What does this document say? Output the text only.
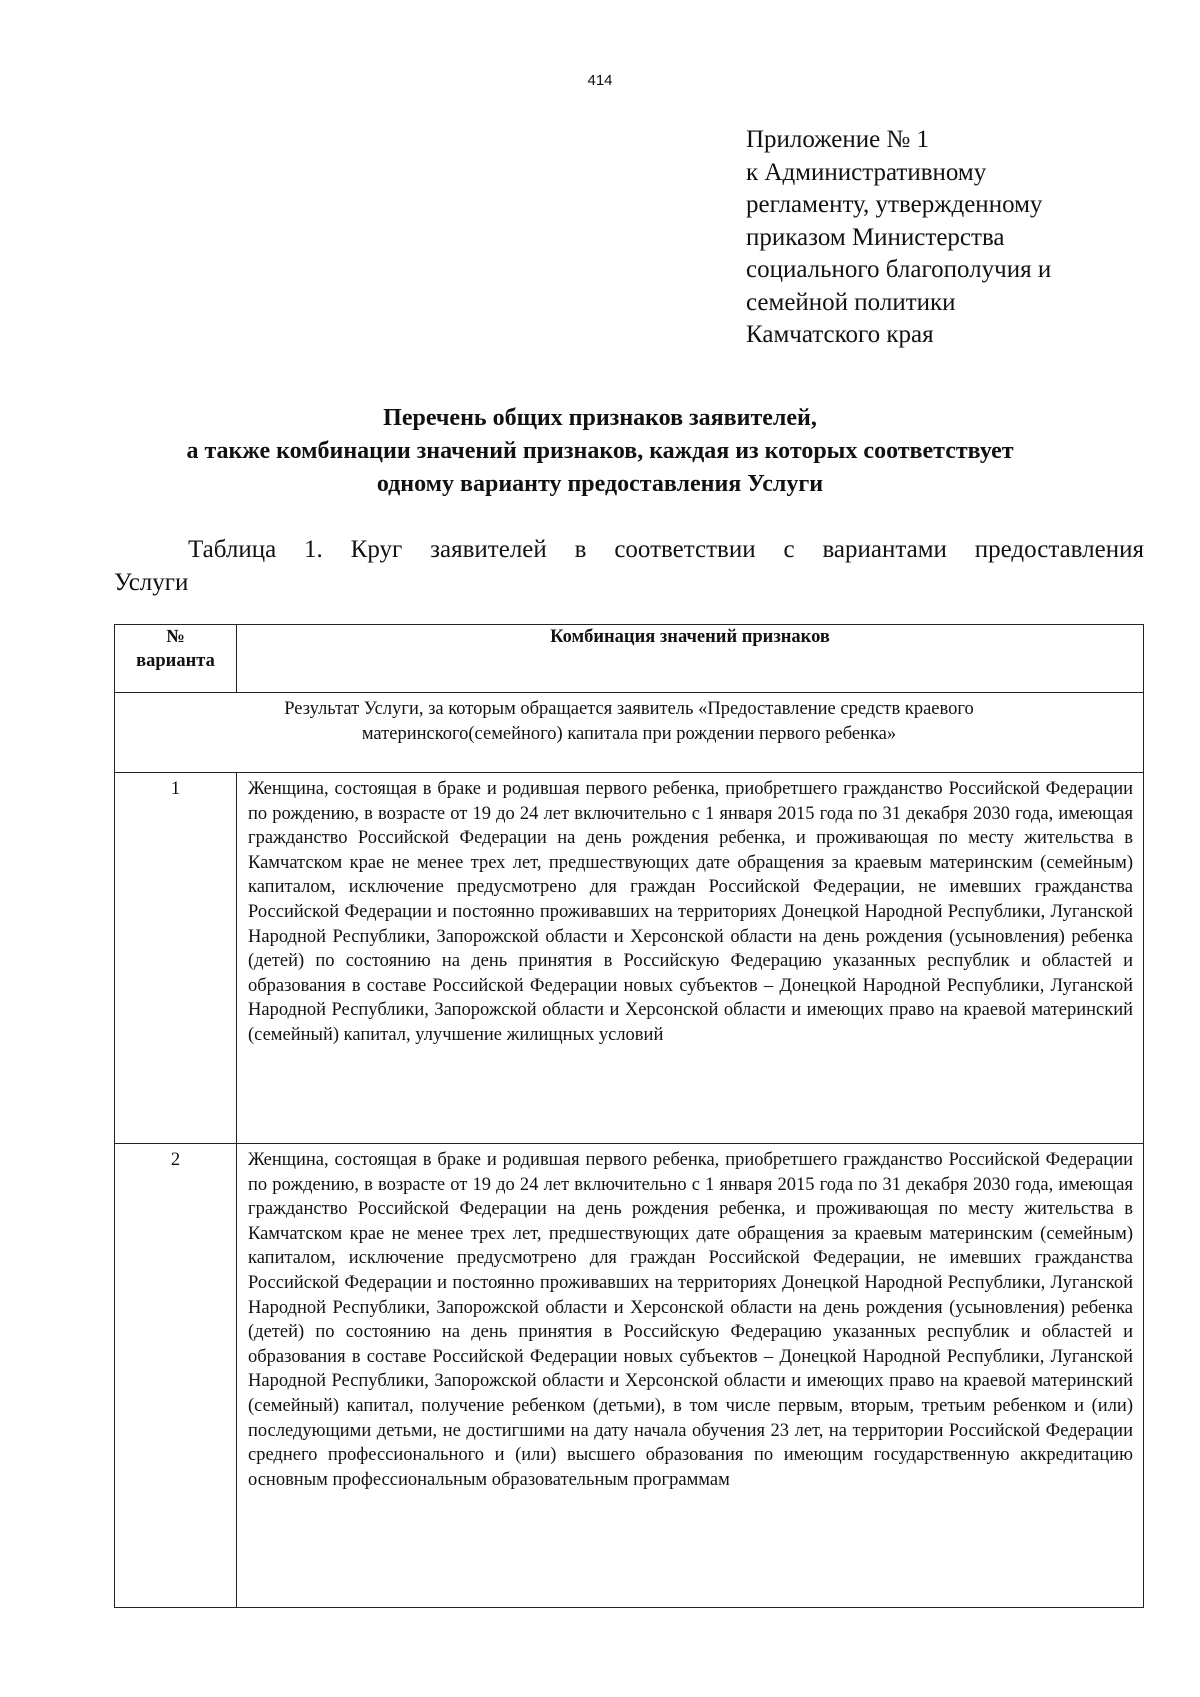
414
Приложение № 1
к Административному
регламенту, утвержденному
приказом Министерства
социального благополучия и
семейной политики
Камчатского края
Перечень общих признаков заявителей,
а также комбинации значений признаков, каждая из которых соответствует
одному варианту предоставления Услуги
Таблица 1. Круг заявителей в соответствии с вариантами предоставления
Услуги
№
варианта	Комбинация значений признаков

Результат Услуги, за которым обращается заявитель «Предоставление средств краевого
материнского(семейного) капитала при рождении первого ребенка»	

1	Женщина, состоящая в браке и родившая первого ребенка, приобретшего гражданство Российской Федерации по рождению, в возрасте от 19 до 24 лет включительно с 1 января 2015 года по 31 декабря 2030 года, имеющая гражданство Российской Федерации на день рождения ребенка, и проживающая по месту жительства в Камчатском крае не менее трех лет, предшествующих дате обращения за краевым материнским (семейным) капиталом, исключение предусмотрено для граждан Российской Федерации, не имевших гражданства Российской Федерации и постоянно проживавших на территориях Донецкой Народной Республики, Луганской Народной Республики, Запорожской области и Херсонской области на день рождения (усыновления) ребенка (детей) по состоянию на день принятия в Российскую Федерацию указанных республик и областей и образования в составе Российской Федерации новых субъектов – Донецкой Народной Республики, Луганской Народной Республики, Запорожской области и Херсонской области и имеющих право на краевой материнский (семейный) капитал, улучшение жилищных условий
2	Женщина, состоящая в браке и родившая первого ребенка, приобретшего гражданство Российской Федерации по рождению, в возрасте от 19 до 24 лет включительно с 1 января 2015 года по 31 декабря 2030 года, имеющая гражданство Российской Федерации на день рождения ребенка, и проживающая по месту жительства в Камчатском крае не менее трех лет, предшествующих дате обращения за краевым материнским (семейным) капиталом, исключение предусмотрено для граждан Российской Федерации, не имевших гражданства Российской Федерации и постоянно проживавших на территориях Донецкой Народной Республики, Луганской Народной Республики, Запорожской области и Херсонской области на день рождения (усыновления) ребенка (детей) по состоянию на день принятия в Российскую Федерацию указанных республик и областей и образования в составе Российской Федерации новых субъектов – Донецкой Народной Республики, Луганской Народной Республики, Запорожской области и Херсонской области и имеющих право на краевой материнский (семейный) капитал, получение ребенком (детьми), в том числе первым, вторым, третьим ребенком и (или) последующими детьми, не достигшими на дату начала обучения 23 лет, на территории Российской Федерации среднего профессионального и (или) высшего образования по имеющим государственную аккредитацию основным профессиональным образовательным программам
